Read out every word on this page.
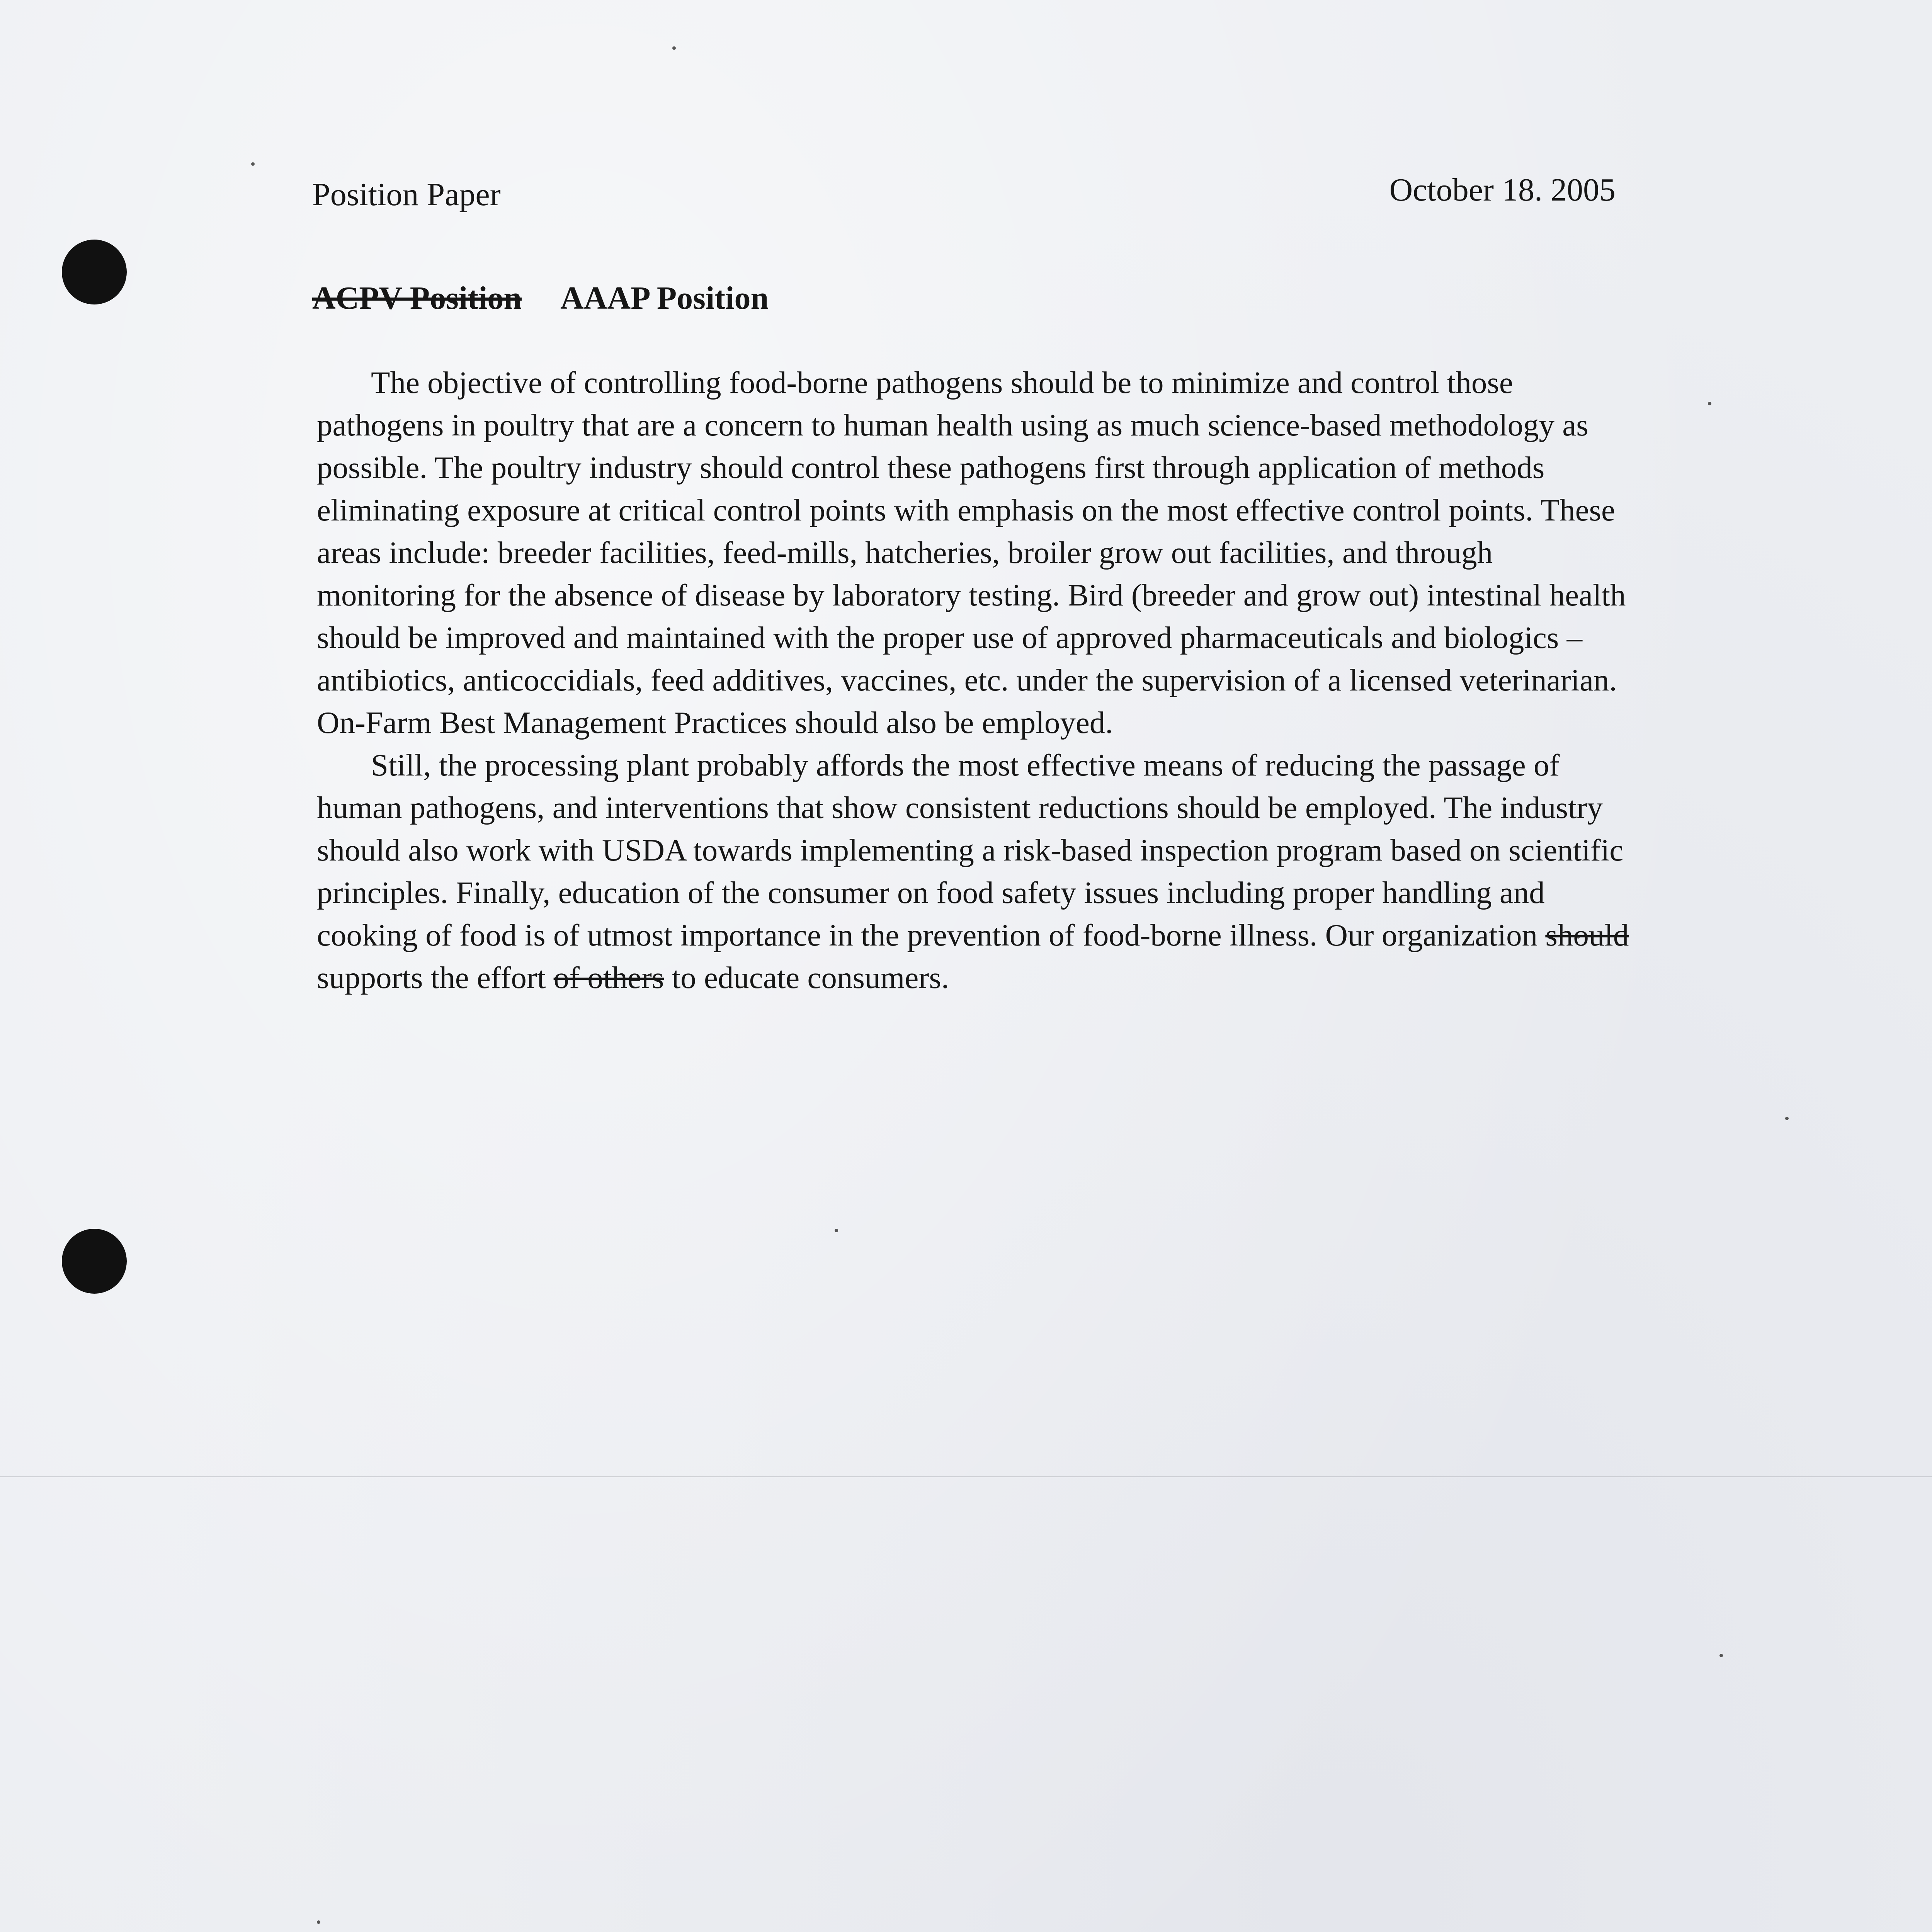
Position Paper	October 18. 2005
ACPV Position AAAP Position

The objective of controlling food-borne pathogens should be to minimize and control those pathogens in poultry that are a concern to human health using as much science-based methodology as possible. The poultry industry should control these pathogens first through application of methods eliminating exposure at critical control points with emphasis on the most effective control points. These areas include: breeder facilities, feed-mills, hatcheries, broiler grow out facilities, and through monitoring for the absence of disease by laboratory testing. Bird (breeder and grow out) intestinal health should be improved and maintained with the proper use of approved pharmaceuticals and biologics – antibiotics, anticoccidials, feed additives, vaccines, etc. under the supervision of a licensed veterinarian. On-Farm Best Management Practices should also be employed.

Still, the processing plant probably affords the most effective means of reducing the passage of human pathogens, and interventions that show consistent reductions should be employed. The industry should also work with USDA towards implementing a risk-based inspection program based on scientific principles. Finally, education of the consumer on food safety issues including proper handling and cooking of food is of utmost importance in the prevention of food-borne illness. Our organization should supports the effort of others to educate consumers.
